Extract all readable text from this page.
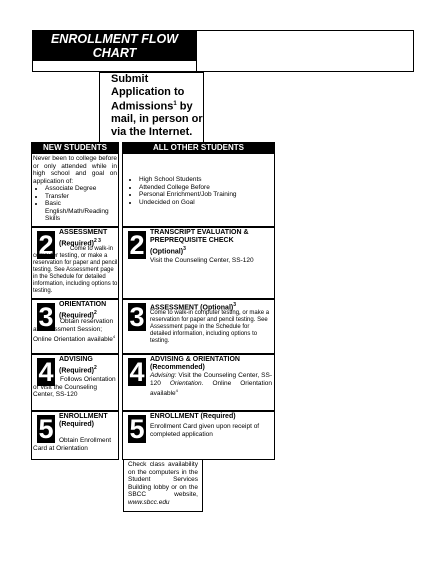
ENROLLMENT FLOW CHART
Submit Application to Admissions$^1$ by mail, in person or via the Internet.
NEW STUDENTS	ALL OTHER STUDENTS
Never been to college before or only attended while in high school and goal on application of:
• Associate Degree
• Transfer
• Basic English/Math/Reading Skills
• High School Students
• Attended College Before
• Personal Enrichment/Job Training
• Undecided on Goal
2 ASSESSMENT
(Required)$^{2 3}$
Come to walk-in computer testing, or make a reservation for paper and pencil testing. See Assessment page in the Schedule for detailed information, including options to testing.
3 ORIENTATION
(Required)$^2$
Obtain reservation at Assessment Session; Online Orientation available$^4$
4 ADVISING
(Required)$^2$
Follows Orientation or visit the Counseling Center, SS-120
5 ENROLLMENT
(Required)
Obtain Enrollment Card at Orientation
2 TRANSCRIPT EVALUATION & PREPREQUISITE CHECK
(Optional)$^3$
Visit the Counseling Center, SS-120
3 ASSESSMENT (Optional)$^3$
Come to walk-in computer testing, or make a reservation for paper and pencil testing. See Assessment page in the Schedule for detailed information, including options to testing.
4 ADVISING & ORIENTATION
(Recommended)
Advising: Visit the Counseling Center, SS-120 Orientation. Online Orientation available$^4$
5 ENROLLMENT (Required)
Enrollment Card given upon receipt of completed application
Check class availability on the computers in the Student Services Building lobby or on the SBCC website, www.sbcc.edu
